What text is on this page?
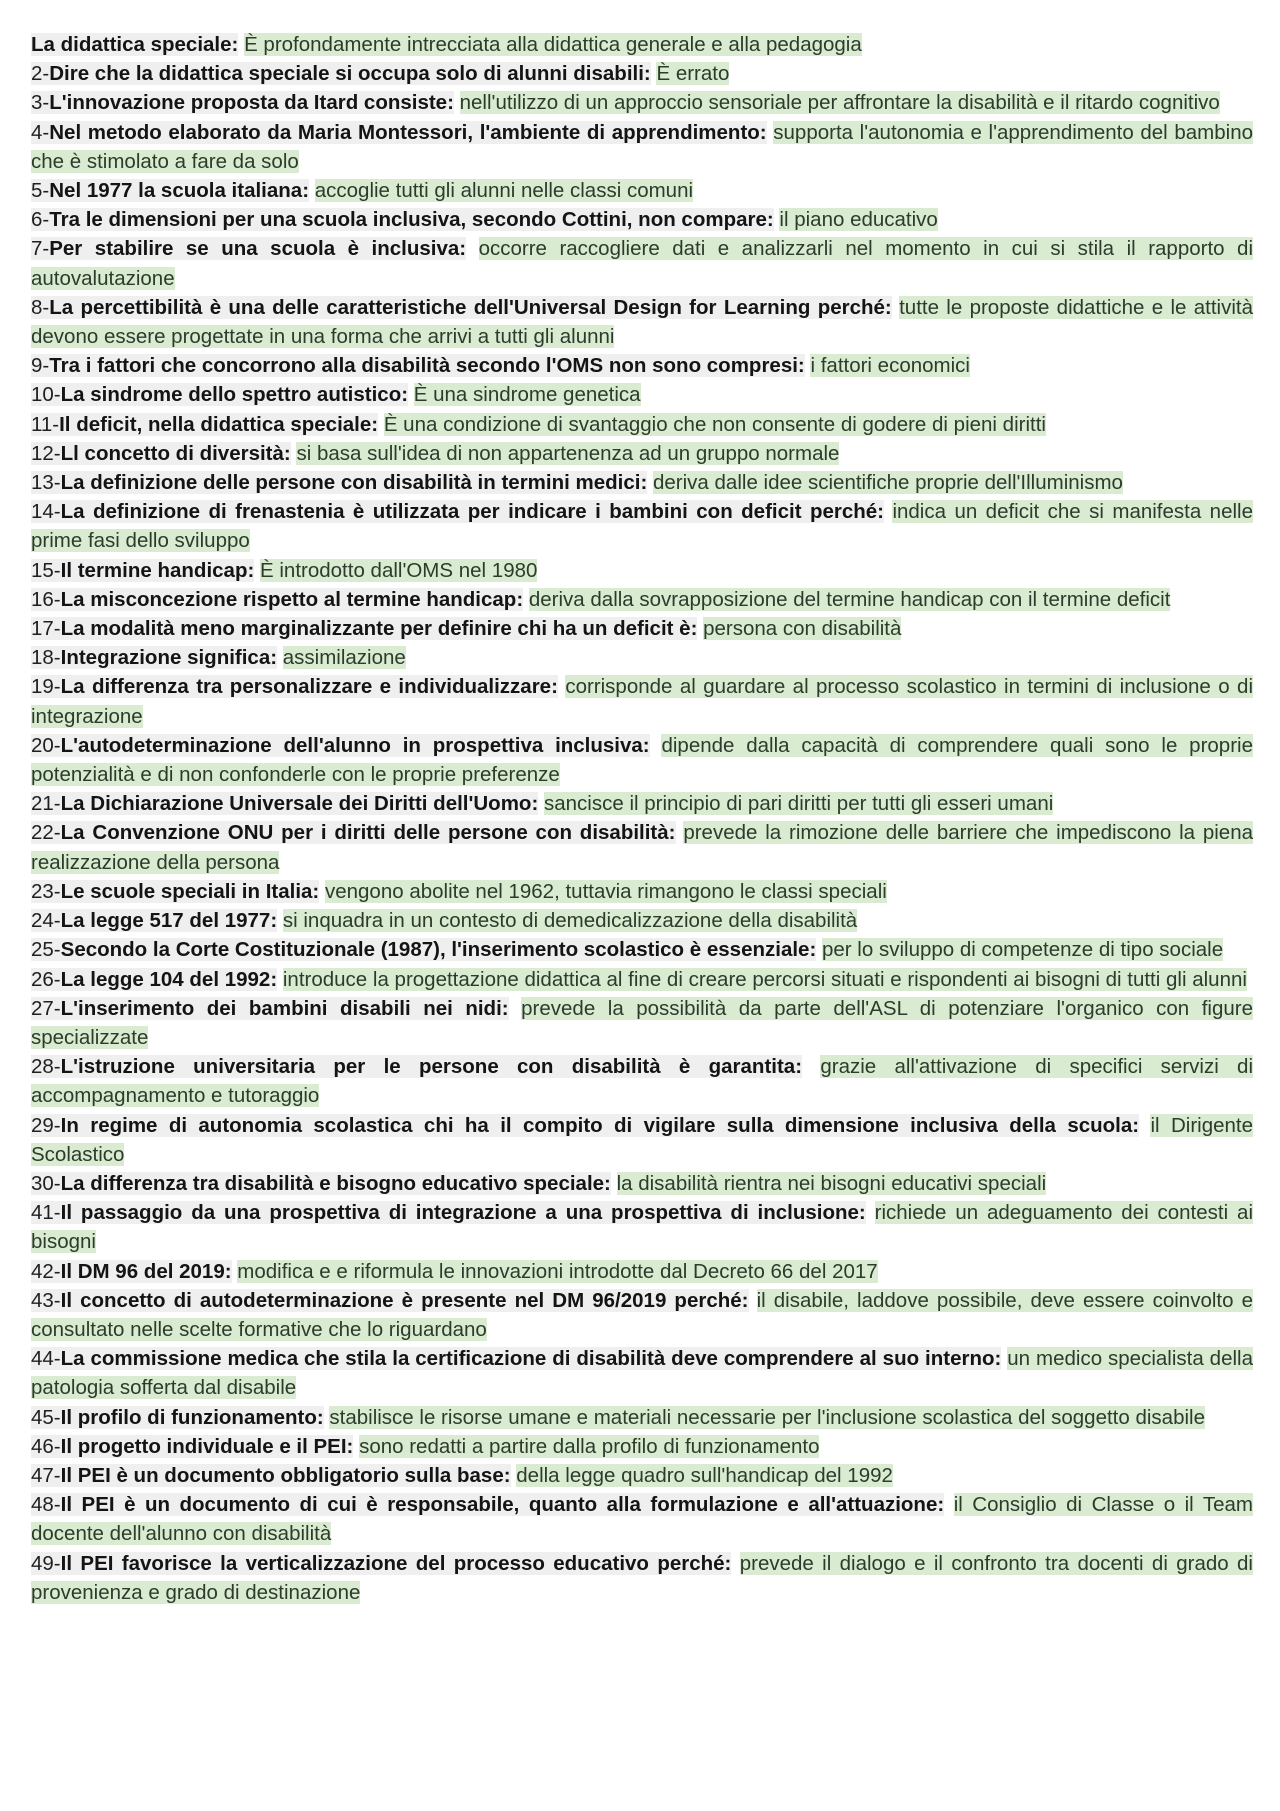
La didattica speciale: È profondamente intrecciata alla didattica generale e alla pedagogia

2-Dire che la didattica speciale si occupa solo di alunni disabili: È errato

3-L'innovazione proposta da Itard consiste: nell'utilizzo di un approccio sensoriale per affrontare la disabilità e il ritardo cognitivo

4-Nel metodo elaborato da Maria Montessori, l'ambiente di apprendimento: supporta l'autonomia e l'apprendimento del bambino che è stimolato a fare da solo

5-Nel 1977 la scuola italiana: accoglie tutti gli alunni nelle classi comuni

6-Tra le dimensioni per una scuola inclusiva, secondo Cottini, non compare: il piano educativo

7-Per stabilire se una scuola è inclusiva: occorre raccogliere dati e analizzarli nel momento in cui si stila il rapporto di autovalutazione

8-La percettibilità è una delle caratteristiche dell'Universal Design for Learning perché: tutte le proposte didattiche e le attività devono essere progettate in una forma che arrivi a tutti gli alunni

9-Tra i fattori che concorrono alla disabilità secondo l'OMS non sono compresi: i fattori economici

10-La sindrome dello spettro autistico: È una sindrome genetica

11-Il deficit, nella didattica speciale: È una condizione di svantaggio che non consente di godere di pieni diritti

12-Ll concetto di diversità: si basa sull'idea di non appartenenza ad un gruppo normale

13-La definizione delle persone con disabilità in termini medici: deriva dalle idee scientifiche proprie dell'Illuminismo

14-La definizione di frenastenia è utilizzata per indicare i bambini con deficit perché: indica un deficit che si manifesta nelle prime fasi dello sviluppo

15-Il termine handicap: È introdotto dall'OMS nel 1980

16-La misconcezione rispetto al termine handicap: deriva dalla sovrapposizione del termine handicap con il termine deficit

17-La modalità meno marginalizzante per definire chi ha un deficit è: persona con disabilità

18-Integrazione significa: assimilazione

19-La differenza tra personalizzare e individualizzare: corrisponde al guardare al processo scolastico in termini di inclusione o di integrazione

20-L'autodeterminazione dell'alunno in prospettiva inclusiva: dipende dalla capacità di comprendere quali sono le proprie potenzialità e di non confonderle con le proprie preferenze

21-La Dichiarazione Universale dei Diritti dell'Uomo: sancisce il principio di pari diritti per tutti gli esseri umani

22-La Convenzione ONU per i diritti delle persone con disabilità: prevede la rimozione delle barriere che impediscono la piena realizzazione della persona

23-Le scuole speciali in Italia: vengono abolite nel 1962, tuttavia rimangono le classi speciali

24-La legge 517 del 1977: si inquadra in un contesto di demedicalizzazione della disabilità

25-Secondo la Corte Costituzionale (1987), l'inserimento scolastico è essenziale: per lo sviluppo di competenze di tipo sociale

26-La legge 104 del 1992: introduce la progettazione didattica al fine di creare percorsi situati e rispondenti ai bisogni di tutti gli alunni

27-L'inserimento dei bambini disabili nei nidi: prevede la possibilità da parte dell'ASL di potenziare l'organico con figure specializzate

28-L'istruzione universitaria per le persone con disabilità è garantita: grazie all'attivazione di specifici servizi di accompagnamento e tutoraggio

29-In regime di autonomia scolastica chi ha il compito di vigilare sulla dimensione inclusiva della scuola: il Dirigente Scolastico

30-La differenza tra disabilità e bisogno educativo speciale: la disabilità rientra nei bisogni educativi speciali

41-Il passaggio da una prospettiva di integrazione a una prospettiva di inclusione: richiede un adeguamento dei contesti ai bisogni

42-Il DM 96 del 2019: modifica e e riformula le innovazioni introdotte dal Decreto 66 del 2017

43-Il concetto di autodeterminazione è presente nel DM 96/2019 perché: il disabile, laddove possibile, deve essere coinvolto e consultato nelle scelte formative che lo riguardano

44-La commissione medica che stila la certificazione di disabilità deve comprendere al suo interno: un medico specialista della patologia sofferta dal disabile

45-Il profilo di funzionamento: stabilisce le risorse umane e materiali necessarie per l'inclusione scolastica del soggetto disabile

46-Il progetto individuale e il PEI: sono redatti a partire dalla profilo di funzionamento

47-Il PEI è un documento obbligatorio sulla base: della legge quadro sull'handicap del 1992

48-Il PEI è un documento di cui è responsabile, quanto alla formulazione e all'attuazione: il Consiglio di Classe o il Team docente dell'alunno con disabilità

49-Il PEI favorisce la verticalizzazione del processo educativo perché: prevede il dialogo e il confronto tra docenti di grado di provenienza e grado di destinazione
